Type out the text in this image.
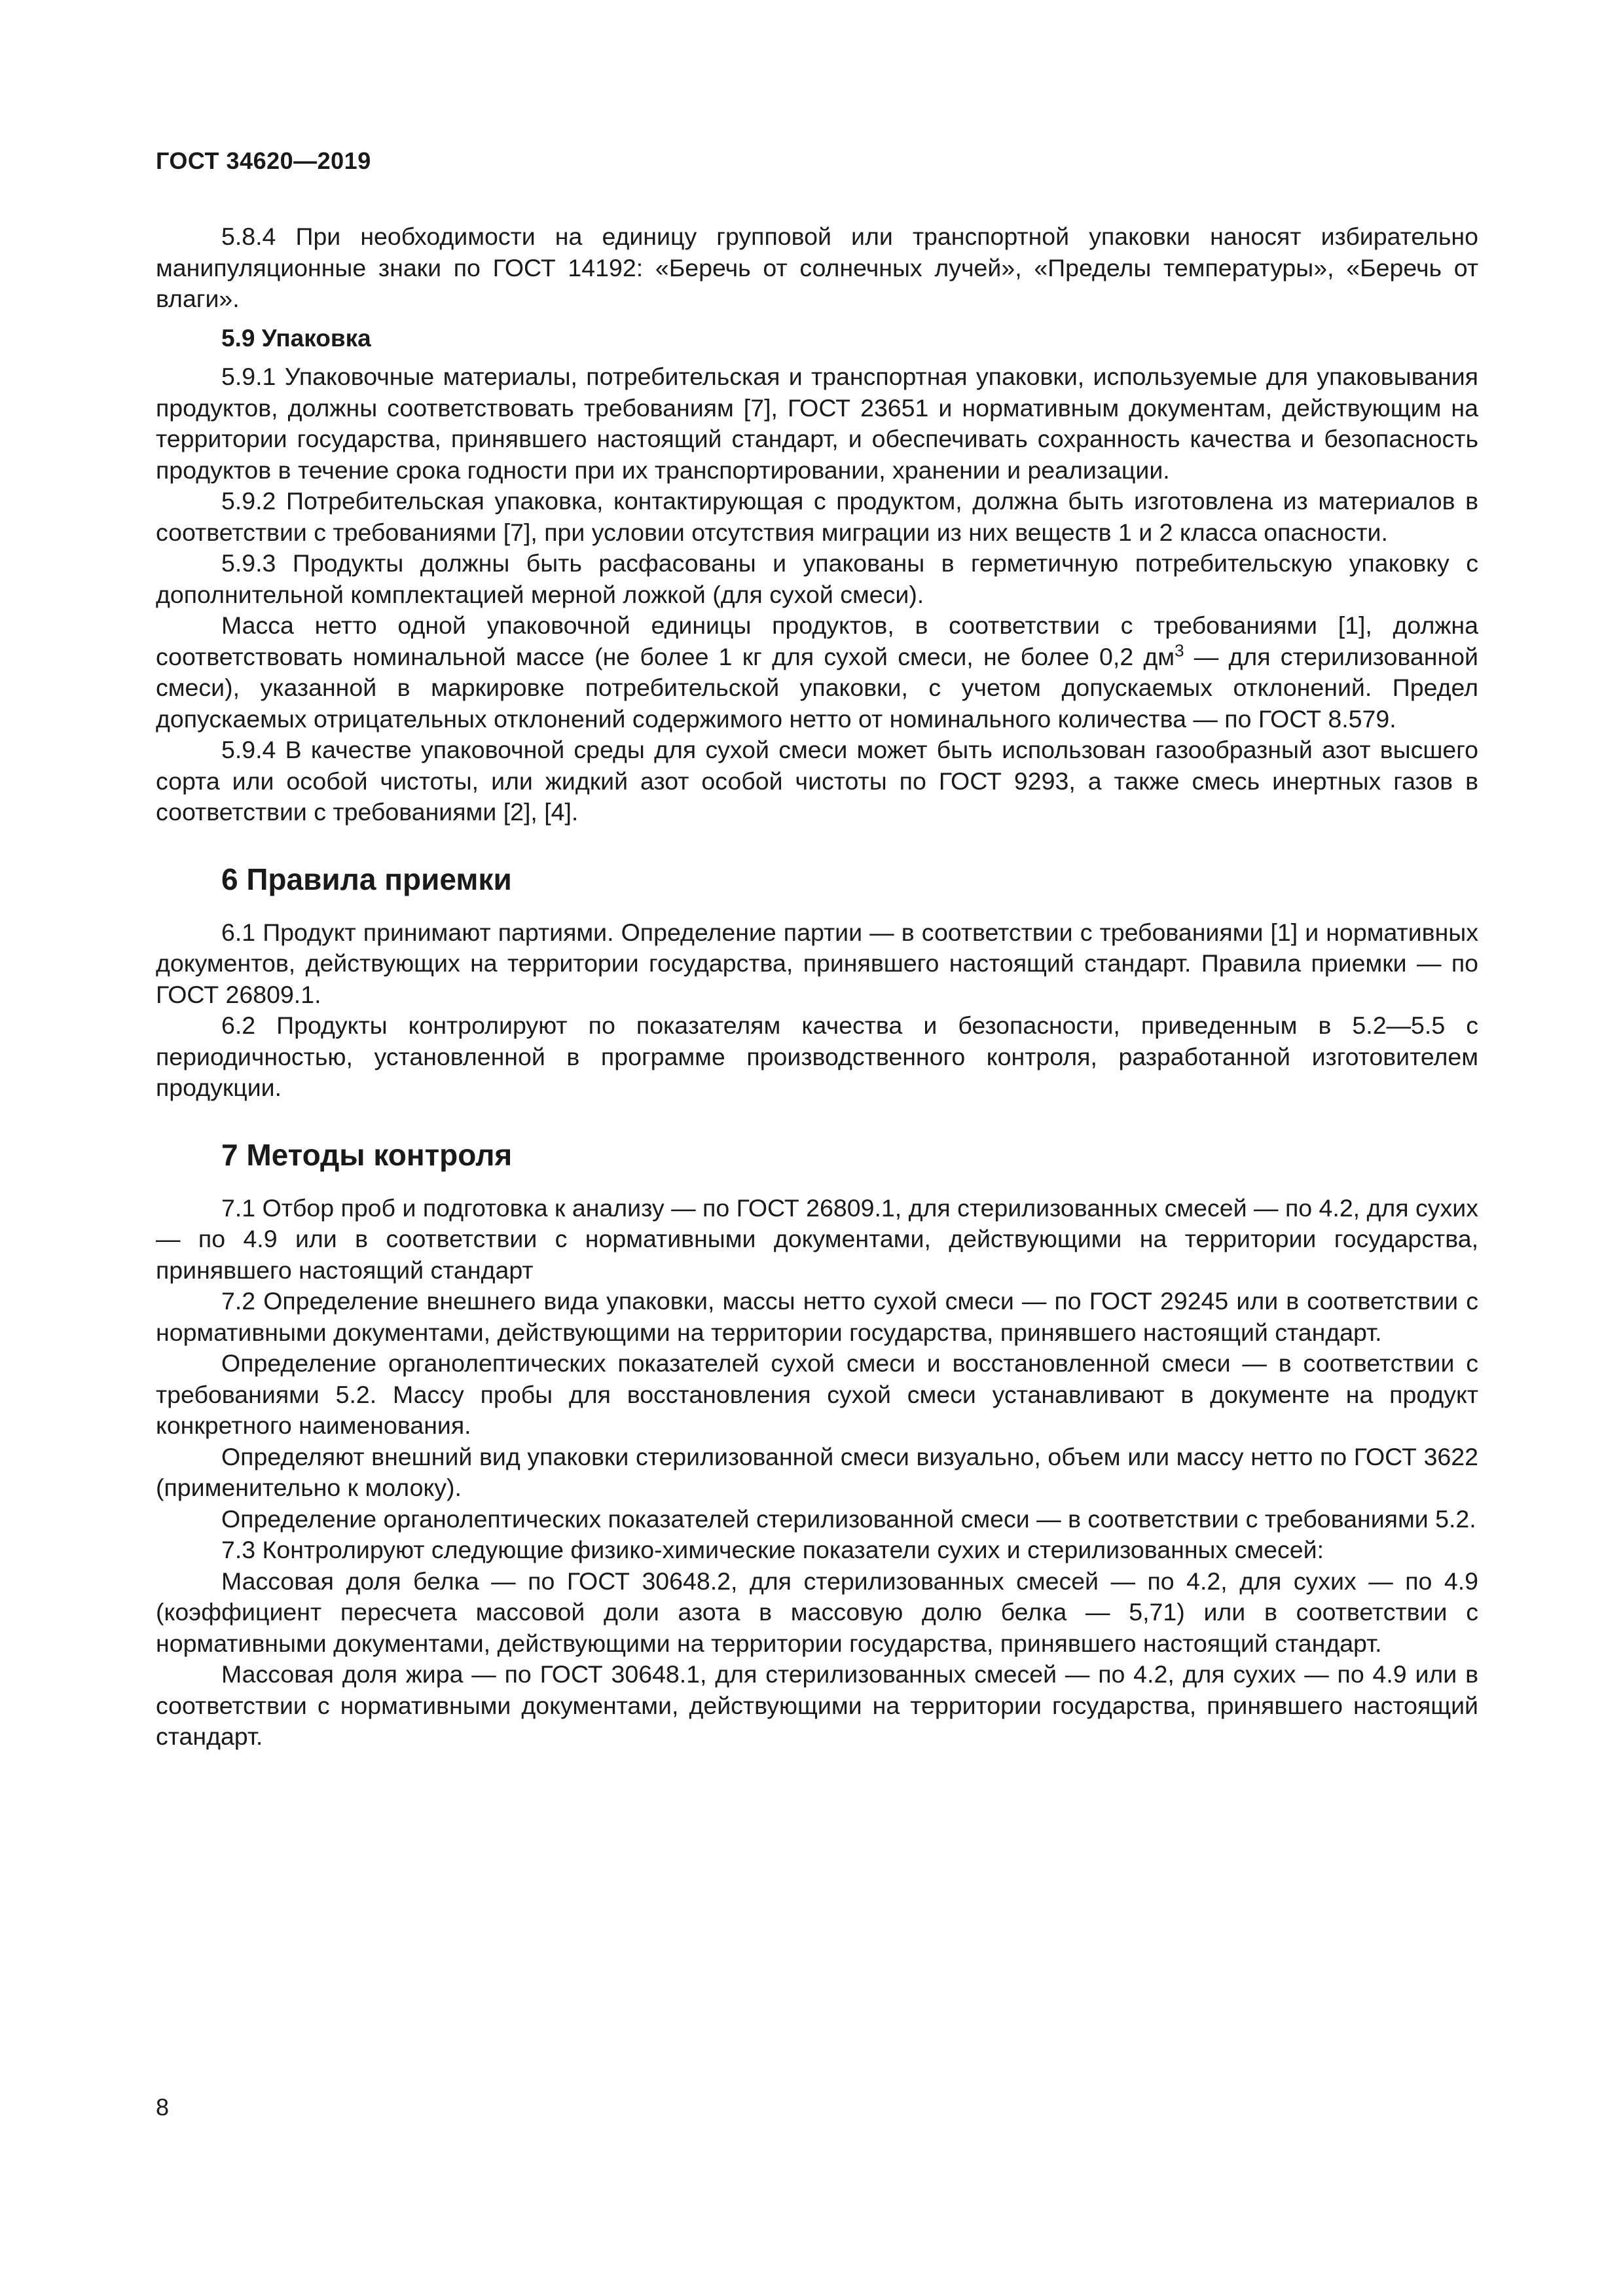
ГОСТ 34620—2019

5.8.4 При необходимости на единицу групповой или транспортной упаковки наносят избирательно манипуляционные знаки по ГОСТ 14192: «Беречь от солнечных лучей», «Пределы температуры», «Беречь от влаги».

5.9 Упаковка

5.9.1 Упаковочные материалы, потребительская и транспортная упаковки, используемые для упаковывания продуктов, должны соответствовать требованиям [7], ГОСТ 23651 и нормативным документам, действующим на территории государства, принявшего настоящий стандарт, и обеспечивать сохранность качества и безопасность продуктов в течение срока годности при их транспортировании, хранении и реализации.

5.9.2 Потребительская упаковка, контактирующая с продуктом, должна быть изготовлена из материалов в соответствии с требованиями [7], при условии отсутствия миграции из них веществ 1 и 2 класса опасности.

5.9.3 Продукты должны быть расфасованы и упакованы в герметичную потребительскую упаковку с дополнительной комплектацией мерной ложкой (для сухой смеси).

Масса нетто одной упаковочной единицы продуктов, в соответствии с требованиями [1], должна соответствовать номинальной массе (не более 1 кг для сухой смеси, не более 0,2 $дм^3$ — для стерилизованной смеси), указанной в маркировке потребительской упаковки, с учетом допускаемых отклонений. Предел допускаемых отрицательных отклонений содержимого нетто от номинального количества — по ГОСТ 8.579.

5.9.4 В качестве упаковочной среды для сухой смеси может быть использован газообразный азот высшего сорта или особой чистоты, или жидкий азот особой чистоты по ГОСТ 9293, а также смесь инертных газов в соответствии с требованиями [2], [4].

6 Правила приемки

6.1 Продукт принимают партиями. Определение партии — в соответствии с требованиями [1] и нормативных документов, действующих на территории государства, принявшего настоящий стандарт. Правила приемки — по ГОСТ 26809.1.

6.2 Продукты контролируют по показателям качества и безопасности, приведенным в 5.2—5.5 с периодичностью, установленной в программе производственного контроля, разработанной изготовителем продукции.

7 Методы контроля

7.1 Отбор проб и подготовка к анализу — по ГОСТ 26809.1, для стерилизованных смесей — по 4.2, для сухих — по 4.9 или в соответствии с нормативными документами, действующими на территории государства, принявшего настоящий стандарт

7.2 Определение внешнего вида упаковки, массы нетто сухой смеси — по ГОСТ 29245 или в соответствии с нормативными документами, действующими на территории государства, принявшего настоящий стандарт.

Определение органолептических показателей сухой смеси и восстановленной смеси — в соответствии с требованиями 5.2. Массу пробы для восстановления сухой смеси устанавливают в документе на продукт конкретного наименования.

Определяют внешний вид упаковки стерилизованной смеси визуально, объем или массу нетто по ГОСТ 3622 (применительно к молоку).

Определение органолептических показателей стерилизованной смеси — в соответствии с требованиями 5.2.

7.3 Контролируют следующие физико-химические показатели сухих и стерилизованных смесей:

Массовая доля белка — по ГОСТ 30648.2, для стерилизованных смесей — по 4.2, для сухих — по 4.9 (коэффициент пересчета массовой доли азота в массовую долю белка — 5,71) или в соответствии с нормативными документами, действующими на территории государства, принявшего настоящий стандарт.

Массовая доля жира — по ГОСТ 30648.1, для стерилизованных смесей — по 4.2, для сухих — по 4.9 или в соответствии с нормативными документами, действующими на территории государства, принявшего настоящий стандарт.

8
